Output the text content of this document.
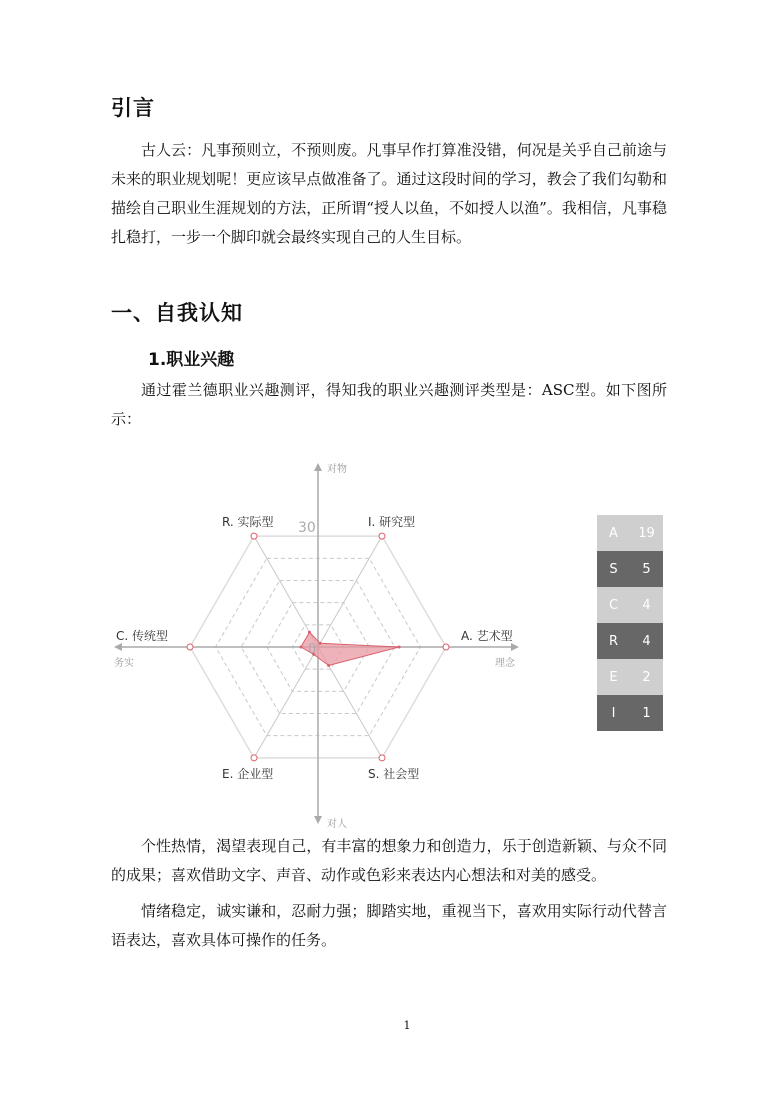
引言

古人云：凡事预则立，不预则废。凡事早作打算准没错，何况是关乎自己前途与未来的职业规划呢！更应该早点做准备了。通过这段时间的学习，教会了我们勾勒和描绘自己职业生涯规划的方法，正所谓“授人以鱼，不如授人以渔”。我相信，凡事稳扎稳打，一步一个脚印就会最终实现自己的人生目标。

一、自我认知
1.职业兴趣

通过霍兰德职业兴趣测评，得知我的职业兴趣测评类型是：ASC型。如下图所示：

R. 实际型	I. 研究型
A. 艺术型
S. 社会型
E. 企业型
C. 传统型
对物
对人
务实	理念
30
0
A	19
S	5
C	4
R	4
E	2
I	1

个性热情，渴望表现自己，有丰富的想象力和创造力，乐于创造新颖、与众不同的成果；喜欢借助文字、声音、动作或色彩来表达内心想法和对美的感受。

情绪稳定，诚实谦和，忍耐力强；脚踏实地，重视当下，喜欢用实际行动代替言语表达，喜欢具体可操作的任务。

1
